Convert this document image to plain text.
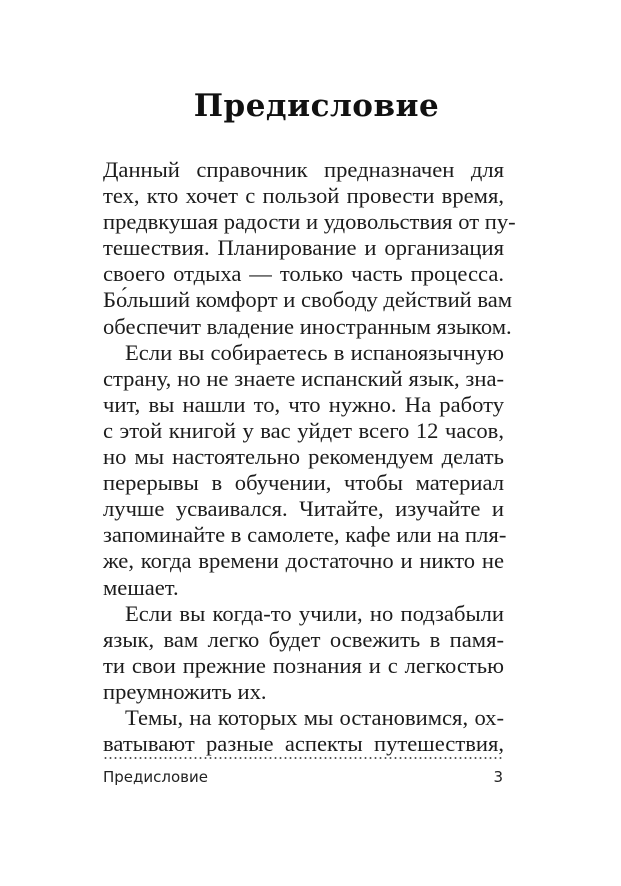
Предисловие
Данный справочник предназначен для
тех, кто хочет с пользой провести время,
предвкушая радости и удовольствия от пу-
тешествия. Планирование и организация
своего отдыха — только часть процесса.
Бо́льший комфорт и свободу действий вам
обеспечит владение иностранным языком.
Если вы собираетесь в испаноязычную
страну, но не знаете испанский язык, зна-
чит, вы нашли то, что нужно. На работу
с этой книгой у вас уйдет всего 12 часов,
но мы настоятельно рекомендуем делать
перерывы в обучении, чтобы материал
лучше усваивался. Читайте, изучайте и
запоминайте в самолете, кафе или на пля-
же, когда времени достаточно и никто не
мешает.
Если вы когда-то учили, но подзабыли
язык, вам легко будет освежить в памя-
ти свои прежние познания и с легкостью
преумножить их.
Темы, на которых мы остановимся, ох-
ватывают разные аспекты путешествия,
Предисловие	3
